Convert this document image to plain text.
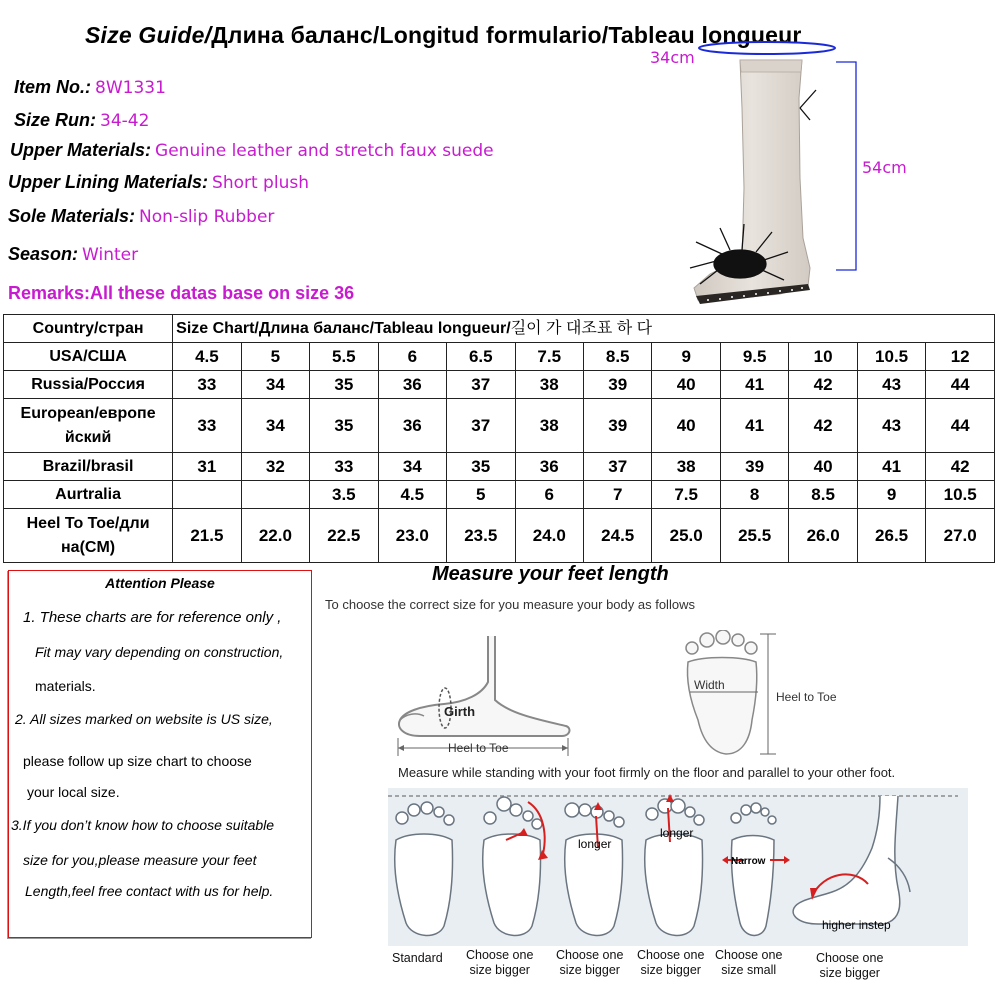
Size Guide/Длина баланс/Longitud formulario/Tableau longueur
Item No.: 8W1331
Size Run: 34-42
Upper Materials: Genuine leather and stretch faux suede
Upper Lining Materials: Short plush
Sole Materials: Non-slip Rubber
Season: Winter
Remarks:All these datas base on size 36
34cm
54cm
Country/стран	Size Chart/Длина баланс/Tableau longueur/길이 가 대조표 하 다											
USA/США	4.5	5	5.5	6	6.5	7.5	8.5	9	9.5	10	10.5	12
Russia/Россия	33	34	35	36	37	38	39	40	41	42	43	44
European/европе йский	33	34	35	36	37	38	39	40	41	42	43	44
Brazil/brasil	31	32	33	34	35	36	37	38	39	40	41	42
Aurtralia			3.5	4.5	5	6	7	7.5	8	8.5	9	10.5
Heel To Toe/дли на(CM)	21.5	22.0	22.5	23.0	23.5	24.0	24.5	25.0	25.5	26.0	26.5	27.0
Attention Please
1. These charts are for reference only ,
Fit may vary depending on construction,
materials.
2. All sizes marked on website is US size,
please follow up size chart to choose
your local size.
3.If you don’t know how to choose suitable
size for you,please measure your feet
Length,feel free contact with us for help.
Measure your feet length
To choose the correct size for you measure your body as follows
Girth
Heel to Toe
Width
Heel to Toe
Measure while standing with your foot firmly on the floor and parallel to your other foot.
longer
longer
Narrow
higher instep
Standard Choose one
size bigger
Choose one
size bigger
Choose one
size bigger
Choose one
size small
Choose one
size bigger
